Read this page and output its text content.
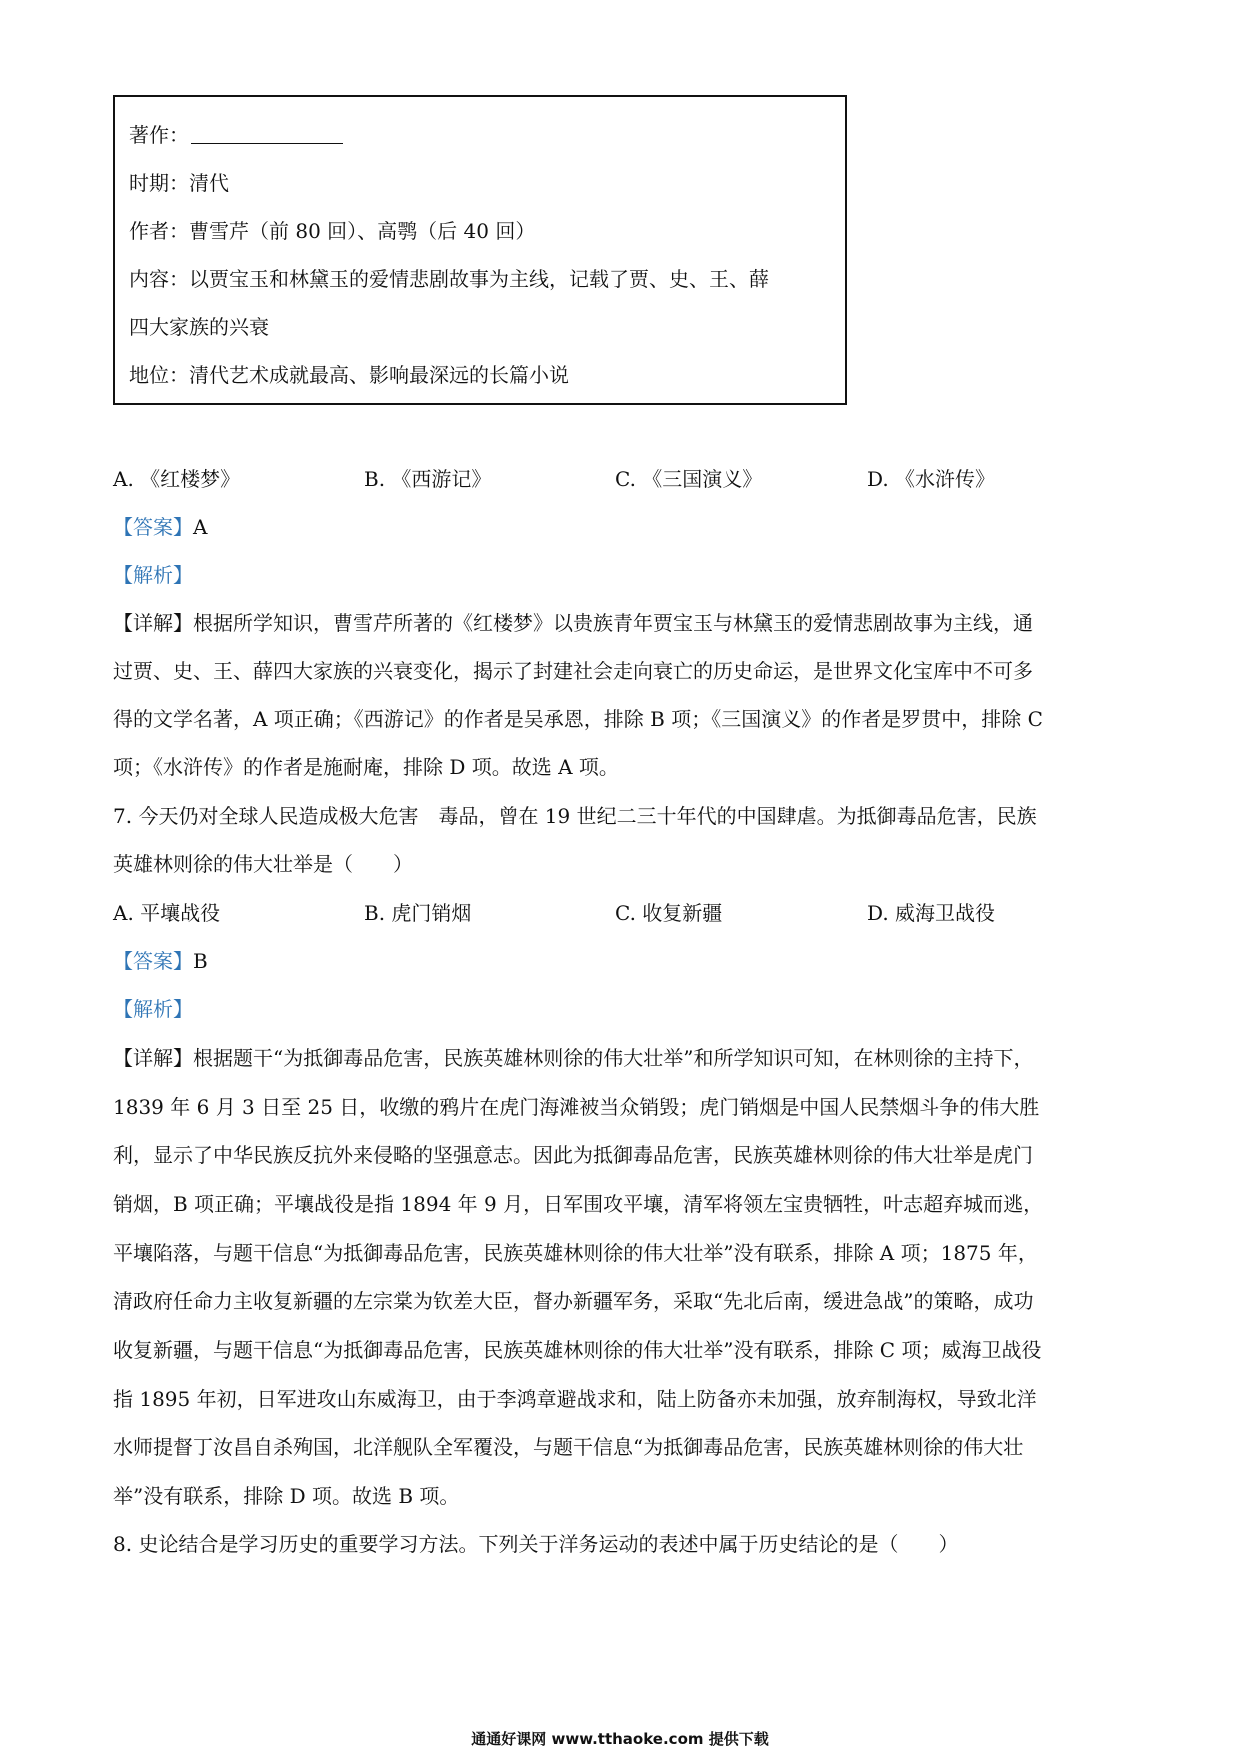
著作：
时期：清代
作者：曹雪芹（前 80 回）、高鹗（后 40 回）
内容：以贾宝玉和林黛玉的爱情悲剧故事为主线，记载了贾、史、王、薛
四大家族的兴衰
地位：清代艺术成就最高、影响最深远的长篇小说
A. 《红楼梦》	B. 《西游记》	C. 《三国演义》	D. 《水浒传》
【答案】A
【解析】
【详解】根据所学知识，曹雪芹所著的《红楼梦》以贵族青年贾宝玉与林黛玉的爱情悲剧故事为主线，通
过贾、史、王、薛四大家族的兴衰变化，揭示了封建社会走向衰亡的历史命运，是世界文化宝库中不可多
得的文学名著，A 项正确；《西游记》的作者是吴承恩，排除 B 项；《三国演义》的作者是罗贯中，排除 C
项；《水浒传》的作者是施耐庵，排除 D 项。故选 A 项。
7. 今天仍对全球人民造成极大危害　毒品，曾在 19 世纪二三十年代的中国肆虐。为抵御毒品危害，民族
英雄林则徐的伟大壮举是（　　）
A. 平壤战役	B. 虎门销烟	C. 收复新疆	D. 威海卫战役
【答案】B
【解析】
【详解】根据题干“为抵御毒品危害，民族英雄林则徐的伟大壮举”和所学知识可知，在林则徐的主持下，
1839 年 6 月 3 日至 25 日，收缴的鸦片在虎门海滩被当众销毁；虎门销烟是中国人民禁烟斗争的伟大胜
利，显示了中华民族反抗外来侵略的坚强意志。因此为抵御毒品危害，民族英雄林则徐的伟大壮举是虎门
销烟，B 项正确；平壤战役是指 1894 年 9 月，日军围攻平壤，清军将领左宝贵牺牲，叶志超弃城而逃，
平壤陷落，与题干信息“为抵御毒品危害，民族英雄林则徐的伟大壮举”没有联系，排除 A 项；1875 年，
清政府任命力主收复新疆的左宗棠为钦差大臣，督办新疆军务，采取“先北后南，缓进急战”的策略，成功
收复新疆，与题干信息“为抵御毒品危害，民族英雄林则徐的伟大壮举”没有联系，排除 C 项；威海卫战役
指 1895 年初，日军进攻山东威海卫，由于李鸿章避战求和，陆上防备亦未加强，放弃制海权，导致北洋
水师提督丁汝昌自杀殉国，北洋舰队全军覆没，与题干信息“为抵御毒品危害，民族英雄林则徐的伟大壮
举”没有联系，排除 D 项。故选 B 项。
8. 史论结合是学习历史的重要学习方法。下列关于洋务运动的表述中属于历史结论的是（　　）
通通好课网 www.tthaoke.com 提供下载
